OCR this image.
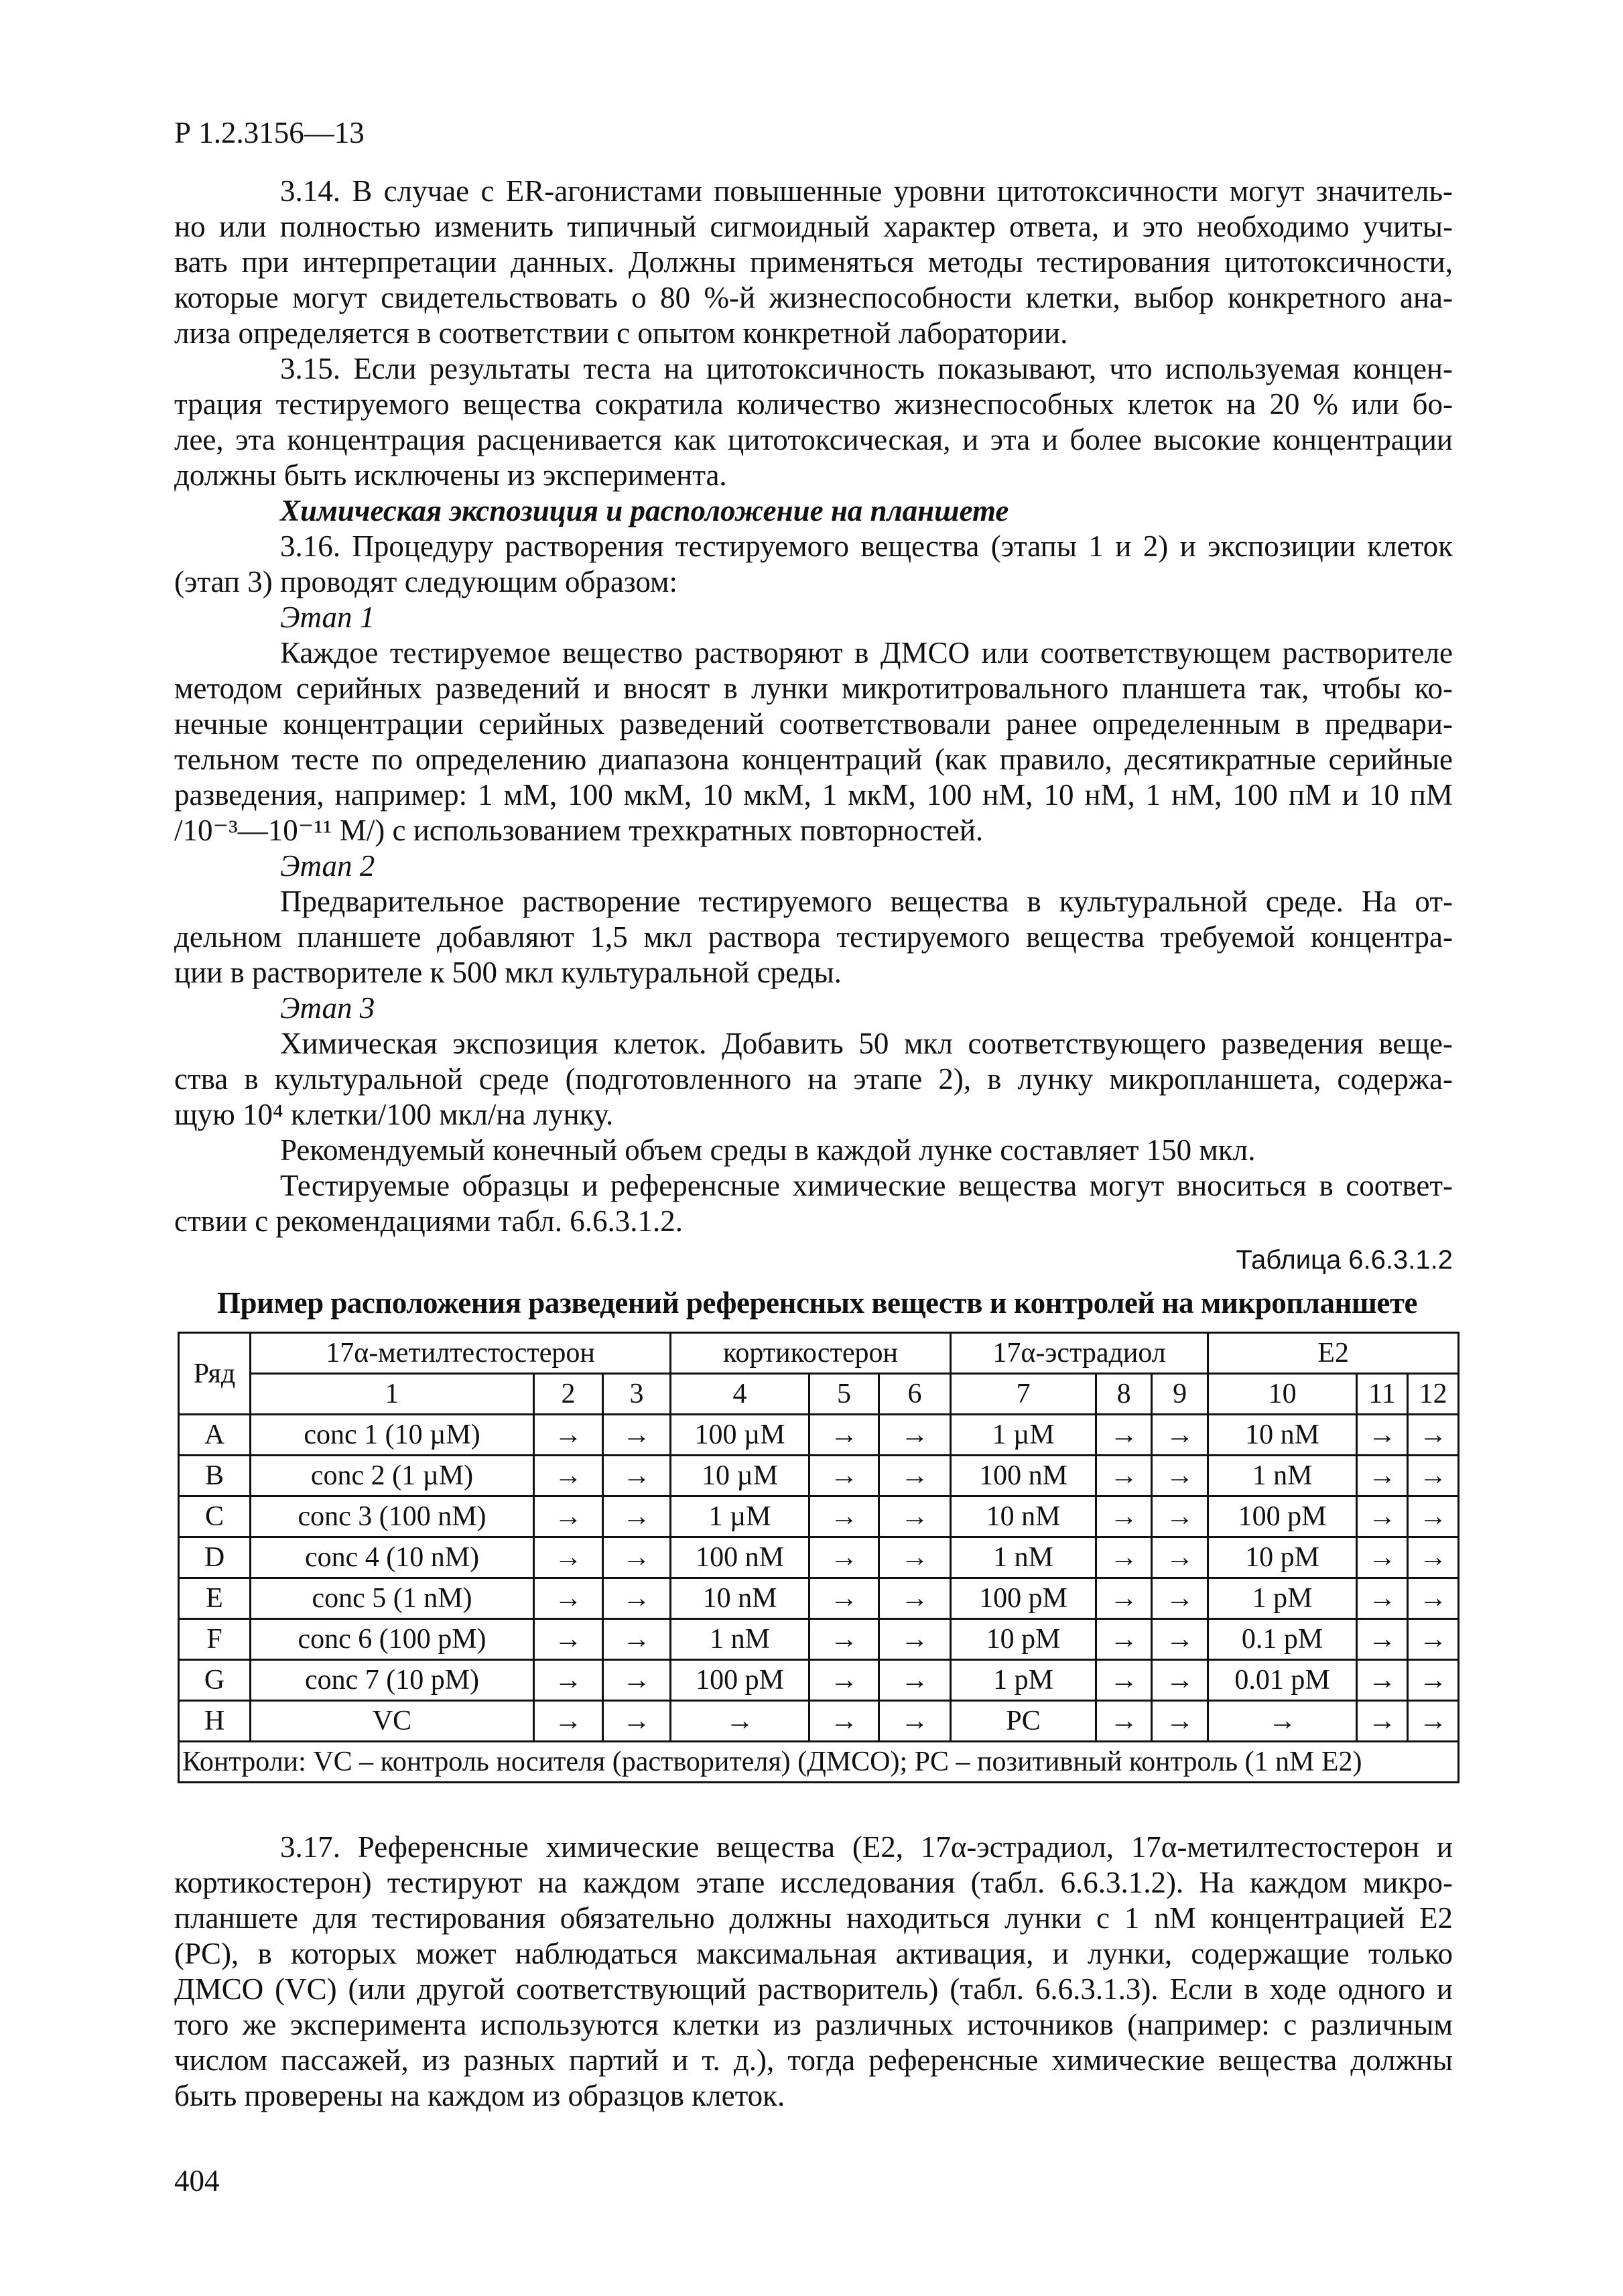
Р 1.2.3156—13
3.14. В случае с ER-агонистами повышенные уровни цитотоксичности могут значитель-
но или полностью изменить типичный сигмоидный характер ответа, и это необходимо учиты-
вать при интерпретации данных. Должны применяться методы тестирования цитотоксичности,
которые могут свидетельствовать о 80 %-й жизнеспособности клетки, выбор конкретного ана-
лиза определяется в соответствии с опытом конкретной лаборатории.
3.15. Если результаты теста на цитотоксичность показывают, что используемая концен-
трация тестируемого вещества сократила количество жизнеспособных клеток на 20 % или бо-
лее, эта концентрация расценивается как цитотоксическая, и эта и более высокие концентрации
должны быть исключены из эксперимента.
Химическая экспозиция и расположение на планшете
3.16. Процедуру растворения тестируемого вещества (этапы 1 и 2) и экспозиции клеток
(этап 3) проводят следующим образом:
Этап 1
Каждое тестируемое вещество растворяют в ДМСО или соответствующем растворителе
методом серийных разведений и вносят в лунки микротитровального планшета так, чтобы ко-
нечные концентрации серийных разведений соответствовали ранее определенным в предвари-
тельном тесте по определению диапазона концентраций (как правило, десятикратные серийные
разведения, например: 1 мМ, 100 мкМ, 10 мкМ, 1 мкМ, 100 нМ, 10 нМ, 1 нМ, 100 пМ и 10 пМ
/10⁻³—10⁻¹¹ М/) с использованием трехкратных повторностей.
Этап 2
Предварительное растворение тестируемого вещества в культуральной среде. На от-
дельном планшете добавляют 1,5 мкл раствора тестируемого вещества требуемой концентра-
ции в растворителе к 500 мкл культуральной среды.
Этап 3
Химическая экспозиция клеток. Добавить 50 мкл соответствующего разведения веще-
ства в культуральной среде (подготовленного на этапе 2), в лунку микропланшета, содержа-
щую 10⁴ клетки/100 мкл/на лунку.
Рекомендуемый конечный объем среды в каждой лунке составляет 150 мкл.
Тестируемые образцы и референсные химические вещества могут вноситься в соответ-
ствии с рекомендациями табл. 6.6.3.1.2.
Таблица 6.6.3.1.2
Пример расположения разведений референсных веществ и контролей на микропланшете
Ряд	17α-метилтестостерон			кортикостерон			17α-эстрадиол			E2		
	1	2	3	4	5	6	7	8	9	10	11	12
A	conc 1 (10 µM)	→	→	100 µM	→	→	1 µM	→	→	10 nM	→	→
B	conc 2 (1 µM)	→	→	10 µM	→	→	100 nM	→	→	1 nM	→	→
C	conc 3 (100 nM)	→	→	1 µM	→	→	10 nM	→	→	100 pM	→	→
D	conc 4 (10 nM)	→	→	100 nM	→	→	1 nM	→	→	10 pM	→	→
E	conc 5 (1 nM)	→	→	10 nM	→	→	100 pM	→	→	1 pM	→	→
F	conc 6 (100 pM)	→	→	1 nM	→	→	10 pM	→	→	0.1 pM	→	→
G	conc 7 (10 pM)	→	→	100 pM	→	→	1 pM	→	→	0.01 pM	→	→
H	VC	→	→	→	→	→	PC	→	→	→	→	→
Контроли: VC – контроль носителя (растворителя) (ДМСО); PC – позитивный контроль (1 nM E2)												
3.17. Референсные химические вещества (E2, 17α-эстрадиол, 17α-метилтестостерон и
кортикостерон) тестируют на каждом этапе исследования (табл. 6.6.3.1.2). На каждом микро-
планшете для тестирования обязательно должны находиться лунки с 1 nМ концентрацией E2
(PC), в которых может наблюдаться максимальная активация, и лунки, содержащие только
ДМСО (VC) (или другой соответствующий растворитель) (табл. 6.6.3.1.3). Если в ходе одного и
того же эксперимента используются клетки из различных источников (например: с различным
числом пассажей, из разных партий и т. д.), тогда референсные химические вещества должны
быть проверены на каждом из образцов клеток.
404
